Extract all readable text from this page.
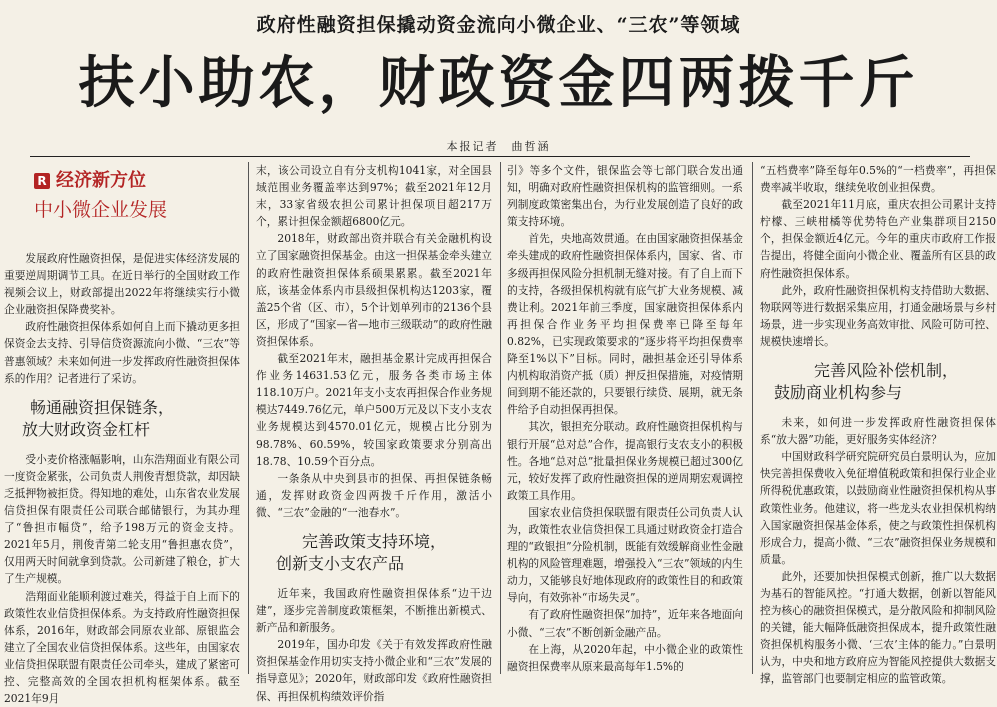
政府性融资担保撬动资金流向小微企业、“三农”等领域
扶小助农，财政资金四两拨千斤
本报记者　曲哲涵
R 经济新方位
中小微企业发展

发展政府性融资担保，是促进实体经济发展的重要逆周期调节工具。在近日举行的全国财政工作视频会议上，财政部提出2022年将继续实行小微企业融资担保降费奖补。

政府性融资担保体系如何自上而下撬动更多担保资金去支持、引导信贷资源流向小微、“三农”等普惠领域？未来如何进一步发挥政府性融资担保体系的作用？记者进行了采访。

畅通融资担保链条，
放大财政资金杠杆

受小麦价格涨幅影响，山东浩翔面业有限公司一度资金紧张，公司负责人荆俊青想贷款，却因缺乏抵押物被拒贷。得知地的难处，山东省农业发展信贷担保有限责任公司联合邮储银行，为其办理了“鲁担市幅贷”，给予198万元的资金支持。2021年5月，荆俊青第二轮支用“鲁担惠农贷”，仅用两天时间就拿到贷款。公司新建了粮仓，扩大了生产规模。

浩翔面业能顺利渡过难关，得益于自上而下的政策性农业信贷担保体系。为支持政府性融资担保体系，2016年，财政部会同原农业部、原银监会建立了全国农业信贷担保体系。这些年，由国家农业信贷担保联盟有限责任公司牵头，建成了紧密可控、完整高效的全国农担机构框架体系。截至2021年9月

末，该公司设立自有分支机构1041家，对全国县域范围业务覆盖率达到97%；截至2021年12月末，33家省级农担公司累计担保项目超217万个，累计担保金额超6800亿元。

2018年，财政部出资并联合有关金融机构设立了国家融资担保基金。由这一担保基金牵头建立的政府性融资担保体系硕果累累。截至2021年底，该基金体系内市县级担保机构达1203家，覆盖25个省（区、市），5个计划单列市的2136个县区，形成了“国家—省—地市三级联动”的政府性融资担保体系。

截至2021年末，融担基金累计完成再担保合作业务14631.53亿元，服务各类市场主体118.10万户。2021年支小支农再担保合作业务规模达7449.76亿元，单户500万元及以下支小支农业务规模达到4570.01亿元，规模占比分别为98.78%、60.59%，较国家政策要求分别高出18.78、10.59个百分点。

一条条从中央到县市的担保、再担保链条畅通，发挥财政资金四两拨千斤作用，激活小微、“三农”金融的“一池春水”。

完善政策支持环境，
创新支小支农产品

近年来，我国政府性融资担保体系“边干边建”，逐步完善制度政策框架，不断推出新模式、新产品和新服务。

2019年，国办印发《关于有效发挥政府性融资担保基金作用切实支持小微企业和“三农”发展的指导意见》；2020年，财政部印发《政府性融资担保、再担保机构绩效评价指

引》等多个文件，银保监会等七部门联合发出通知，明确对政府性融资担保机构的监管细则。一系列制度政策密集出台，为行业发展创造了良好的政策支持环境。

首先，央地高效贯通。在由国家融资担保基金牵头建成的政府性融资担保体系内，国家、省、市多级再担保风险分担机制无缝对接。有了自上而下的支持，各级担保机构就有底气扩大业务规模、减费让利。2021年前三季度，国家融资担保体系内再担保合作业务平均担保费率已降至每年0.82%，已实现政策要求的“逐步将平均担保费率降至1%以下”目标。同时，融担基金还引导体系内机构取消资产抵（质）押反担保措施，对疫情期间到期不能还款的，只要银行续贷、展期，就无条件给予自动担保再担保。

其次，银担充分联动。政府性融资担保机构与银行开展“总对总”合作，提高银行支农支小的积极性。各地“总对总”批量担保业务规模已超过300亿元，较好发挥了政府性融资担保的逆周期宏观调控政策工具作用。

国家农业信贷担保联盟有限责任公司负责人认为，政策性农业信贷担保工具通过财政资金打造合理的“政银担”分险机制，既能有效缓解商业性金融机构的风险管理难题，增强投入“三农”领域的内生动力，又能够良好地体现政府的政策性目的和政策导向，有效弥补“市场失灵”。

有了政府性融资担保“加持”，近年来各地面向小微、“三农”不断创新金融产品。

在上海，从2020年起，中小微企业的政策性融资担保费率从原来最高每年1.5%的

“五档费率”降至每年0.5%的“一档费率”，再担保费率减半收取，继续免收创业担保费。

截至2021年11月底，重庆农担公司累计支持柠檬、三峡柑橘等优势特色产业集群项目2150个，担保金额近4亿元。今年的重庆市政府工作报告提出，将健全面向小微企业、覆盖所有区县的政府性融资担保体系。

此外，政府性融资担保机构支持借助大数据、物联网等进行数据采集应用，打通金融场景与乡村场景，进一步实现业务高效审批、风险可防可控、规模快速增长。

完善风险补偿机制，
鼓励商业机构参与

未来，如何进一步发挥政府性融资担保体系“放大器”功能，更好服务实体经济？

中国财政科学研究院研究员白景明认为，应加快完善担保费收入免征增值税政策和担保行业企业所得税优惠政策，以鼓励商业性融资担保机构从事政策性业务。他建议，将一些龙头农业担保机构纳入国家融资担保基金体系，使之与政策性担保机构形成合力，提高小微、“三农”融资担保业务规模和质量。

此外，还要加快担保模式创新，推广以大数据为基石的智能风控。“打通大数据，创新以智能风控为核心的融资担保模式，是分散风险和抑制风险的关键，能大幅降低融资担保成本，提升政策性融资担保机构服务小微、‘三农’主体的能力。”白景明认为，中央和地方政府应为智能风控提供大数据支撑，监管部门也要制定相应的监管政策。
